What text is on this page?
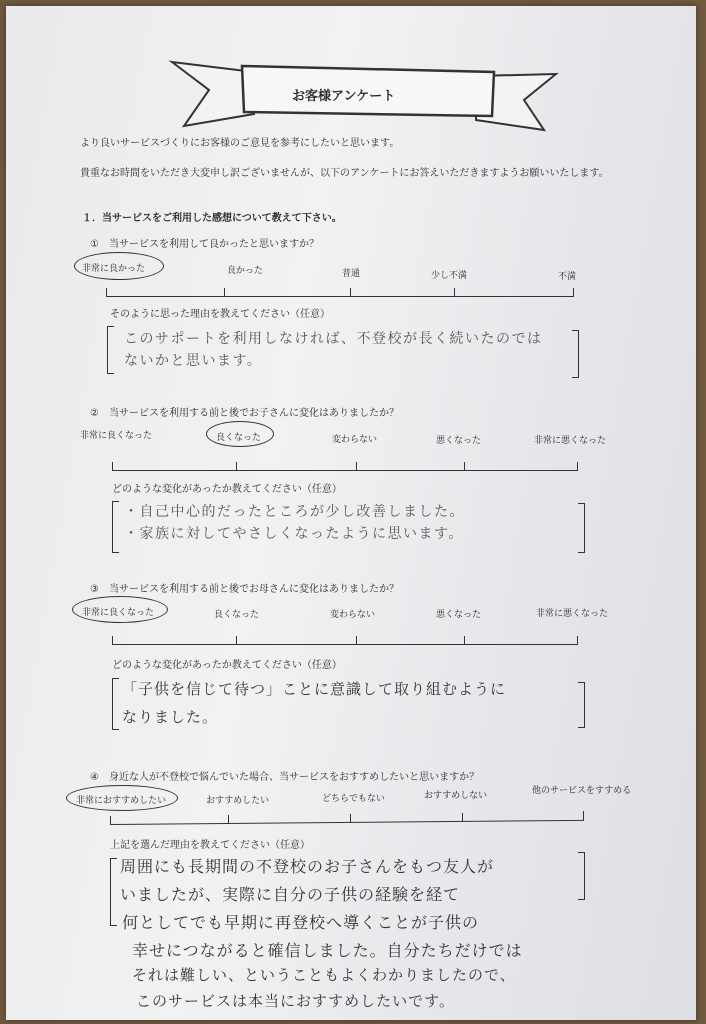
お客様アンケート
より良いサービスづくりにお客様のご意見を参考にしたいと思います。
貴重なお時間をいただき大変申し訳ございませんが、以下のアンケートにお答えいただきますようお願いいたします。
１．当サービスをご利用した感想について教えて下さい。
①　当サービスを利用して良かったと思いますか？
非常に良かった	良かった	普通	少し不満	不満
そのように思った理由を教えてください（任意）
このサポートを利用しなければ、不登校が長く続いたのでは
ないかと思います。
②　当サービスを利用する前と後でお子さんに変化はありましたか？
非常に良くなった	良くなった	変わらない	悪くなった	非常に悪くなった
どのような変化があったか教えてください（任意）
・自己中心的だったところが少し改善しました。
・家族に対してやさしくなったように思います。
③　当サービスを利用する前と後でお母さんに変化はありましたか？
非常に良くなった	良くなった	変わらない	悪くなった	非常に悪くなった
どのような変化があったか教えてください（任意）
「子供を信じて待つ」ことに意識して取り組むように
なりました。
④　身近な人が不登校で悩んでいた場合、当サービスをおすすめしたいと思いますか？
非常におすすめしたい	おすすめしたい	どちらでもない	おすすめしない	他のサービスをすすめる
上記を選んだ理由を教えてください（任意）
周囲にも長期間の不登校のお子さんをもつ友人が
いましたが、実際に自分の子供の経験を経て
何としてでも早期に再登校へ導くことが子供の
幸せにつながると確信しました。自分たちだけでは
それは難しい、ということもよくわかりましたので、
このサービスは本当におすすめしたいです。
